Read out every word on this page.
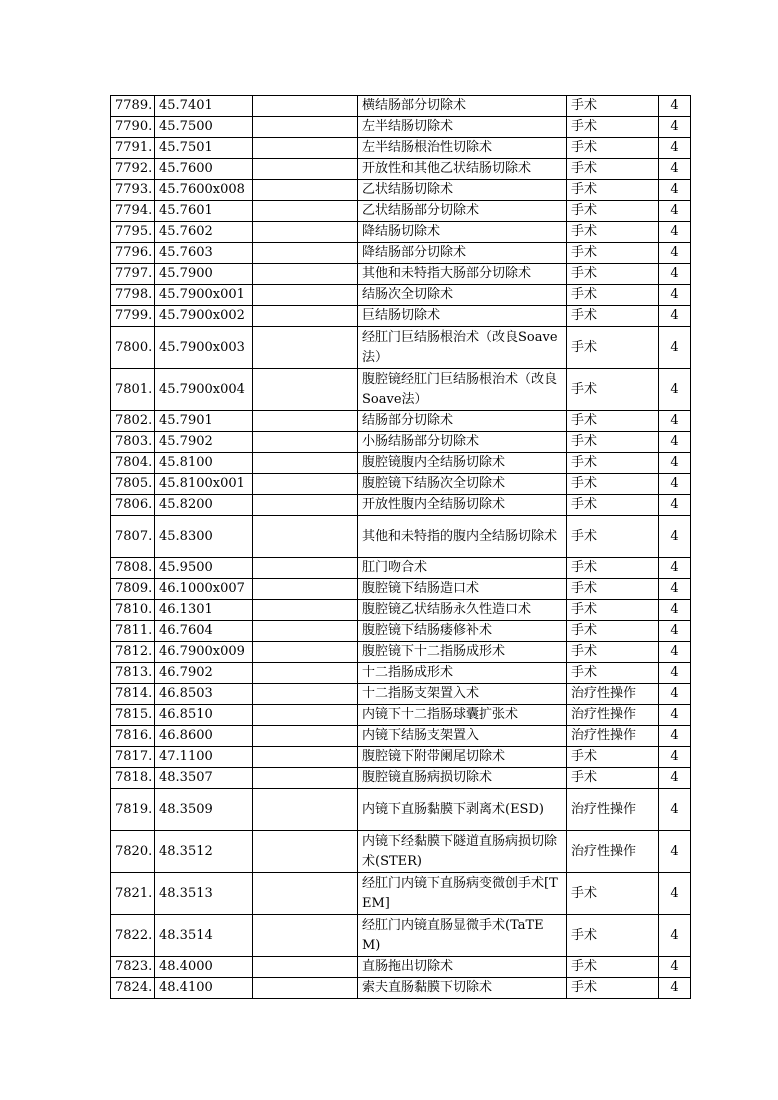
7789.	45.7401		横结肠部分切除术	手术	4
7790.	45.7500		左半结肠切除术	手术	4
7791.	45.7501		左半结肠根治性切除术	手术	4
7792.	45.7600		开放性和其他乙状结肠切除术	手术	4
7793.	45.7600x008		乙状结肠切除术	手术	4
7794.	45.7601		乙状结肠部分切除术	手术	4
7795.	45.7602		降结肠切除术	手术	4
7796.	45.7603		降结肠部分切除术	手术	4
7797.	45.7900		其他和未特指大肠部分切除术	手术	4
7798.	45.7900x001		结肠次全切除术	手术	4
7799.	45.7900x002		巨结肠切除术	手术	4
7800.	45.7900x003		经肛门巨结肠根治术（改良Soave法）	手术	4
7801.	45.7900x004		腹腔镜经肛门巨结肠根治术（改良Soave法）	手术	4
7802.	45.7901		结肠部分切除术	手术	4
7803.	45.7902		小肠结肠部分切除术	手术	4
7804.	45.8100		腹腔镜腹内全结肠切除术	手术	4
7805.	45.8100x001		腹腔镜下结肠次全切除术	手术	4
7806.	45.8200		开放性腹内全结肠切除术	手术	4
7807.	45.8300		其他和未特指的腹内全结肠切除术	手术	4
7808.	45.9500		肛门吻合术	手术	4
7809.	46.1000x007		腹腔镜下结肠造口术	手术	4
7810.	46.1301		腹腔镜乙状结肠永久性造口术	手术	4
7811.	46.7604		腹腔镜下结肠瘘修补术	手术	4
7812.	46.7900x009		腹腔镜下十二指肠成形术	手术	4
7813.	46.7902		十二指肠成形术	手术	4
7814.	46.8503		十二指肠支架置入术	治疗性操作	4
7815.	46.8510		内镜下十二指肠球囊扩张术	治疗性操作	4
7816.	46.8600		内镜下结肠支架置入	治疗性操作	4
7817.	47.1100		腹腔镜下附带阑尾切除术	手术	4
7818.	48.3507		腹腔镜直肠病损切除术	手术	4
7819.	48.3509		内镜下直肠黏膜下剥离术(ESD)	治疗性操作	4
7820.	48.3512		内镜下经黏膜下隧道直肠病损切除术(STER)	治疗性操作	4
7821.	48.3513		经肛门内镜下直肠病变微创手术[TEM]	手术	4
7822.	48.3514		经肛门内镜直肠显微手术(TaTEM)	手术	4
7823.	48.4000		直肠拖出切除术	手术	4
7824.	48.4100		索夫直肠黏膜下切除术	手术	4
